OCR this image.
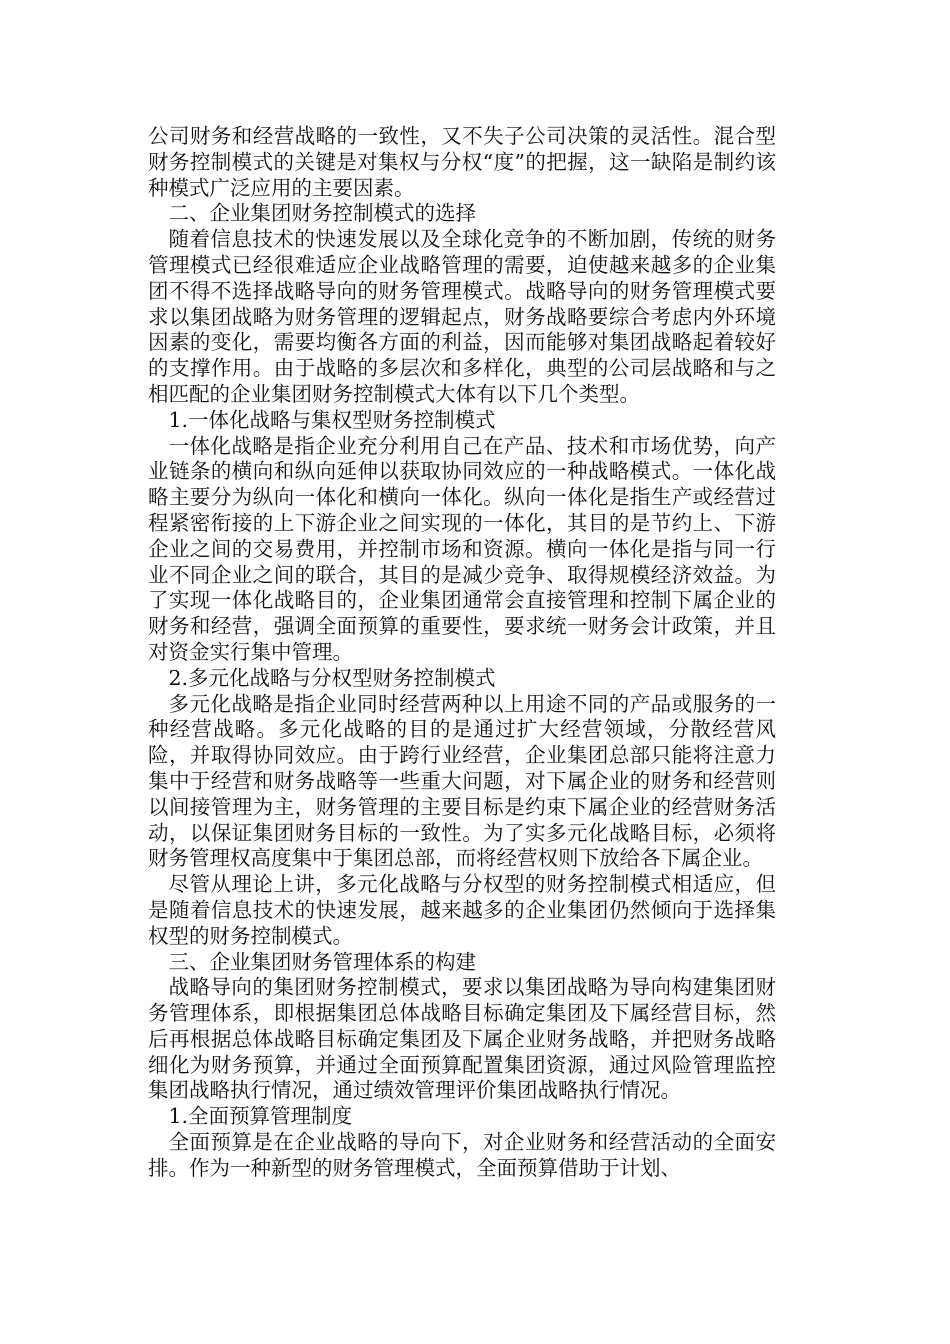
公司财务和经营战略的一致性，又不失子公司决策的灵活性。混合型财务控制模式的关键是对集权与分权“度”的把握，这一缺陷是制约该种模式广泛应用的主要因素。

二、企业集团财务控制模式的选择

随着信息技术的快速发展以及全球化竞争的不断加剧，传统的财务管理模式已经很难适应企业战略管理的需要，迫使越来越多的企业集团不得不选择战略导向的财务管理模式。战略导向的财务管理模式要求以集团战略为财务管理的逻辑起点，财务战略要综合考虑内外环境因素的变化，需要均衡各方面的利益，因而能够对集团战略起着较好的支撑作用。由于战略的多层次和多样化，典型的公司层战略和与之相匹配的企业集团财务控制模式大体有以下几个类型。

1.一体化战略与集权型财务控制模式

一体化战略是指企业充分利用自己在产品、技术和市场优势，向产业链条的横向和纵向延伸以获取协同效应的一种战略模式。一体化战略主要分为纵向一体化和横向一体化。纵向一体化是指生产或经营过程紧密衔接的上下游企业之间实现的一体化，其目的是节约上、下游企业之间的交易费用，并控制市场和资源。横向一体化是指与同一行业不同企业之间的联合，其目的是减少竞争、取得规模经济效益。为了实现一体化战略目的，企业集团通常会直接管理和控制下属企业的财务和经营，强调全面预算的重要性，要求统一财务会计政策，并且对资金实行集中管理。

2.多元化战略与分权型财务控制模式

多元化战略是指企业同时经营两种以上用途不同的产品或服务的一种经营战略。多元化战略的目的是通过扩大经营领域，分散经营风险，并取得协同效应。由于跨行业经营，企业集团总部只能将注意力集中于经营和财务战略等一些重大问题，对下属企业的财务和经营则以间接管理为主，财务管理的主要目标是约束下属企业的经营财务活动，以保证集团财务目标的一致性。为了实多元化战略目标，必须将财务管理权高度集中于集团总部，而将经营权则下放给各下属企业。

尽管从理论上讲，多元化战略与分权型的财务控制模式相适应，但是随着信息技术的快速发展，越来越多的企业集团仍然倾向于选择集权型的财务控制模式。

三、企业集团财务管理体系的构建

战略导向的集团财务控制模式，要求以集团战略为导向构建集团财务管理体系，即根据集团总体战略目标确定集团及下属经营目标，然后再根据总体战略目标确定集团及下属企业财务战略，并把财务战略细化为财务预算，并通过全面预算配置集团资源，通过风险管理监控集团战略执行情况，通过绩效管理评价集团战略执行情况。

1.全面预算管理制度

全面预算是在企业战略的导向下，对企业财务和经营活动的全面安排。作为一种新型的财务管理模式，全面预算借助于计划、
